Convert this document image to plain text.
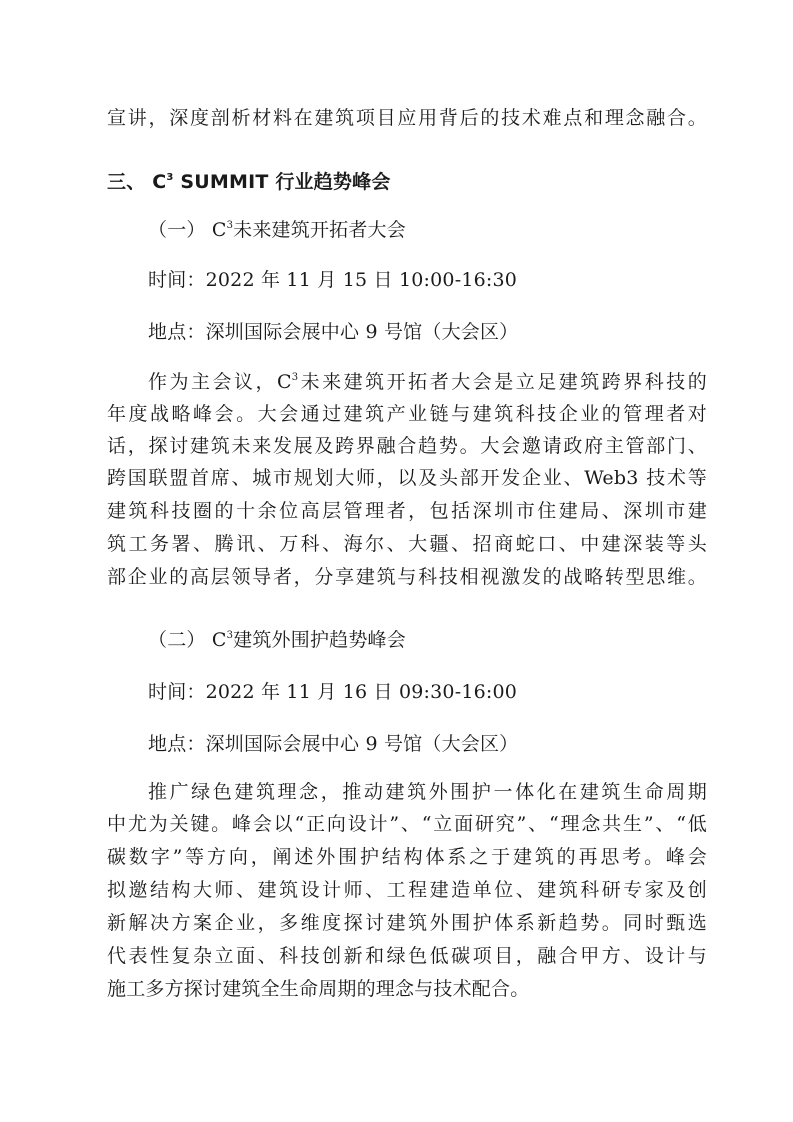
宣讲，深度剖析材料在建筑项目应用背后的技术难点和理念融合。
三、 $C^3$ SUMMIT 行业趋势峰会
（一） $C^3$未来建筑开拓者大会
时间：2022 年 11 月 15 日 10:00-16:30
地点：深圳国际会展中心 9 号馆（大会区）
作为主会议，$C^3$未来建筑开拓者大会是立足建筑跨界科技的
年度战略峰会。大会通过建筑产业链与建筑科技企业的管理者对
话，探讨建筑未来发展及跨界融合趋势。大会邀请政府主管部门、
跨国联盟首席、城市规划大师，以及头部开发企业、Web3 技术等
建筑科技圈的十余位高层管理者，包括深圳市住建局、深圳市建
筑工务署、腾讯、万科、海尔、大疆、招商蛇口、中建深装等头
部企业的高层领导者，分享建筑与科技相视激发的战略转型思维。
（二） $C^3$建筑外围护趋势峰会
时间：2022 年 11 月 16 日 09:30-16:00
地点：深圳国际会展中心 9 号馆（大会区）
推广绿色建筑理念，推动建筑外围护一体化在建筑生命周期
中尤为关键。峰会以“正向设计”、“立面研究”、“理念共生”、“低
碳数字”等方向，阐述外围护结构体系之于建筑的再思考。峰会
拟邀结构大师、建筑设计师、工程建造单位、建筑科研专家及创
新解决方案企业，多维度探讨建筑外围护体系新趋势。同时甄选
代表性复杂立面、科技创新和绿色低碳项目，融合甲方、设计与
施工多方探讨建筑全生命周期的理念与技术配合。
